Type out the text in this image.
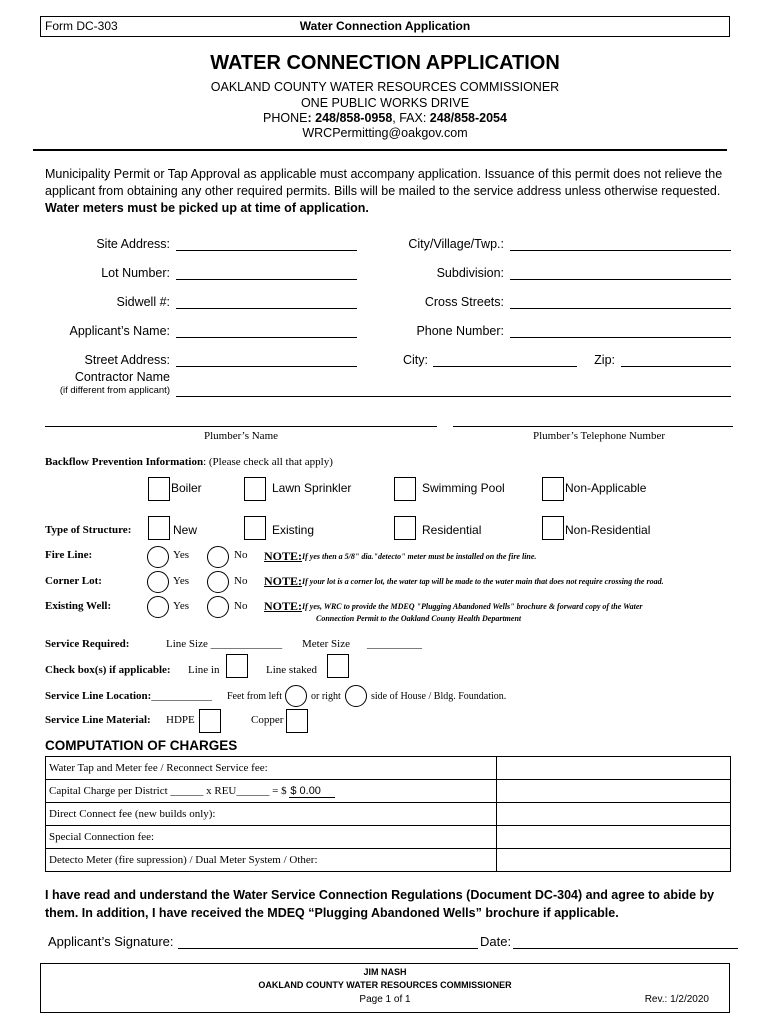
Form DC-303	Water Connection Application
WATER CONNECTION APPLICATION
OAKLAND COUNTY WATER RESOURCES COMMISSIONER
ONE PUBLIC WORKS DRIVE
PHONE: 248/858-0958, FAX: 248/858-2054
WRCPermitting@oakgov.com
Municipality Permit or Tap Approval as applicable must accompany application. Issuance of this permit does not relieve the applicant from obtaining any other required permits. Bills will be mailed to the service address unless otherwise requested. Water meters must be picked up at time of application.
Site Address:	City/Village/Twp.:
Lot Number:	Subdivision:
Sidwell #:	Cross Streets:
Applicant’s Name:	Phone Number:
Street Address:	City:	Zip:
Contractor Name
(if different from applicant)
Plumber’s Name	Plumber’s Telephone Number
Backflow Prevention Information: (Please check all that apply)
Boiler	Lawn Sprinkler	Swimming Pool	Non-Applicable
Type of Structure:	New	Existing	Residential	Non-Residential
Fire Line:	Yes	No NOTE: If yes then a 5/8" dia."detecto" meter must be installed on the fire line.
Corner Lot:	Yes	No NOTE: If your lot is a corner lot, the water tap will be made to the water main that does not require crossing the road.
Existing Well:	Yes	No NOTE: If yes, WRC to provide the MDEQ "Plugging Abandoned Wells" brochure & forward copy of the Water
Connection Permit to the Oakland County Health Department
Service Required:	Line Size _____________ Meter Size __________
Check box(s) if applicable: Line in	Line staked
Service Line Location:___________ Feet from left	or right	side of House / Bldg. Foundation.
Service Line Material: HDPE	Copper
COMPUTATION OF CHARGES
Water Tap and Meter fee / Reconnect Service fee:	
Capital Charge per District ______ x REU______ = $ $ 0.00	
Direct Connect fee (new builds only):	
Special Connection fee:	
Detecto Meter (fire supression) / Dual Meter System / Other:	
I have read and understand the Water Service Connection Regulations (Document DC-304) and agree to abide by them. In addition, I have received the MDEQ “Plugging Abandoned Wells” brochure if applicable.
Applicant’s Signature:	Date:
JIM NASH
OAKLAND COUNTY WATER RESOURCES COMMISSIONER
Page 1 of 1	Rev.: 1/2/2020
